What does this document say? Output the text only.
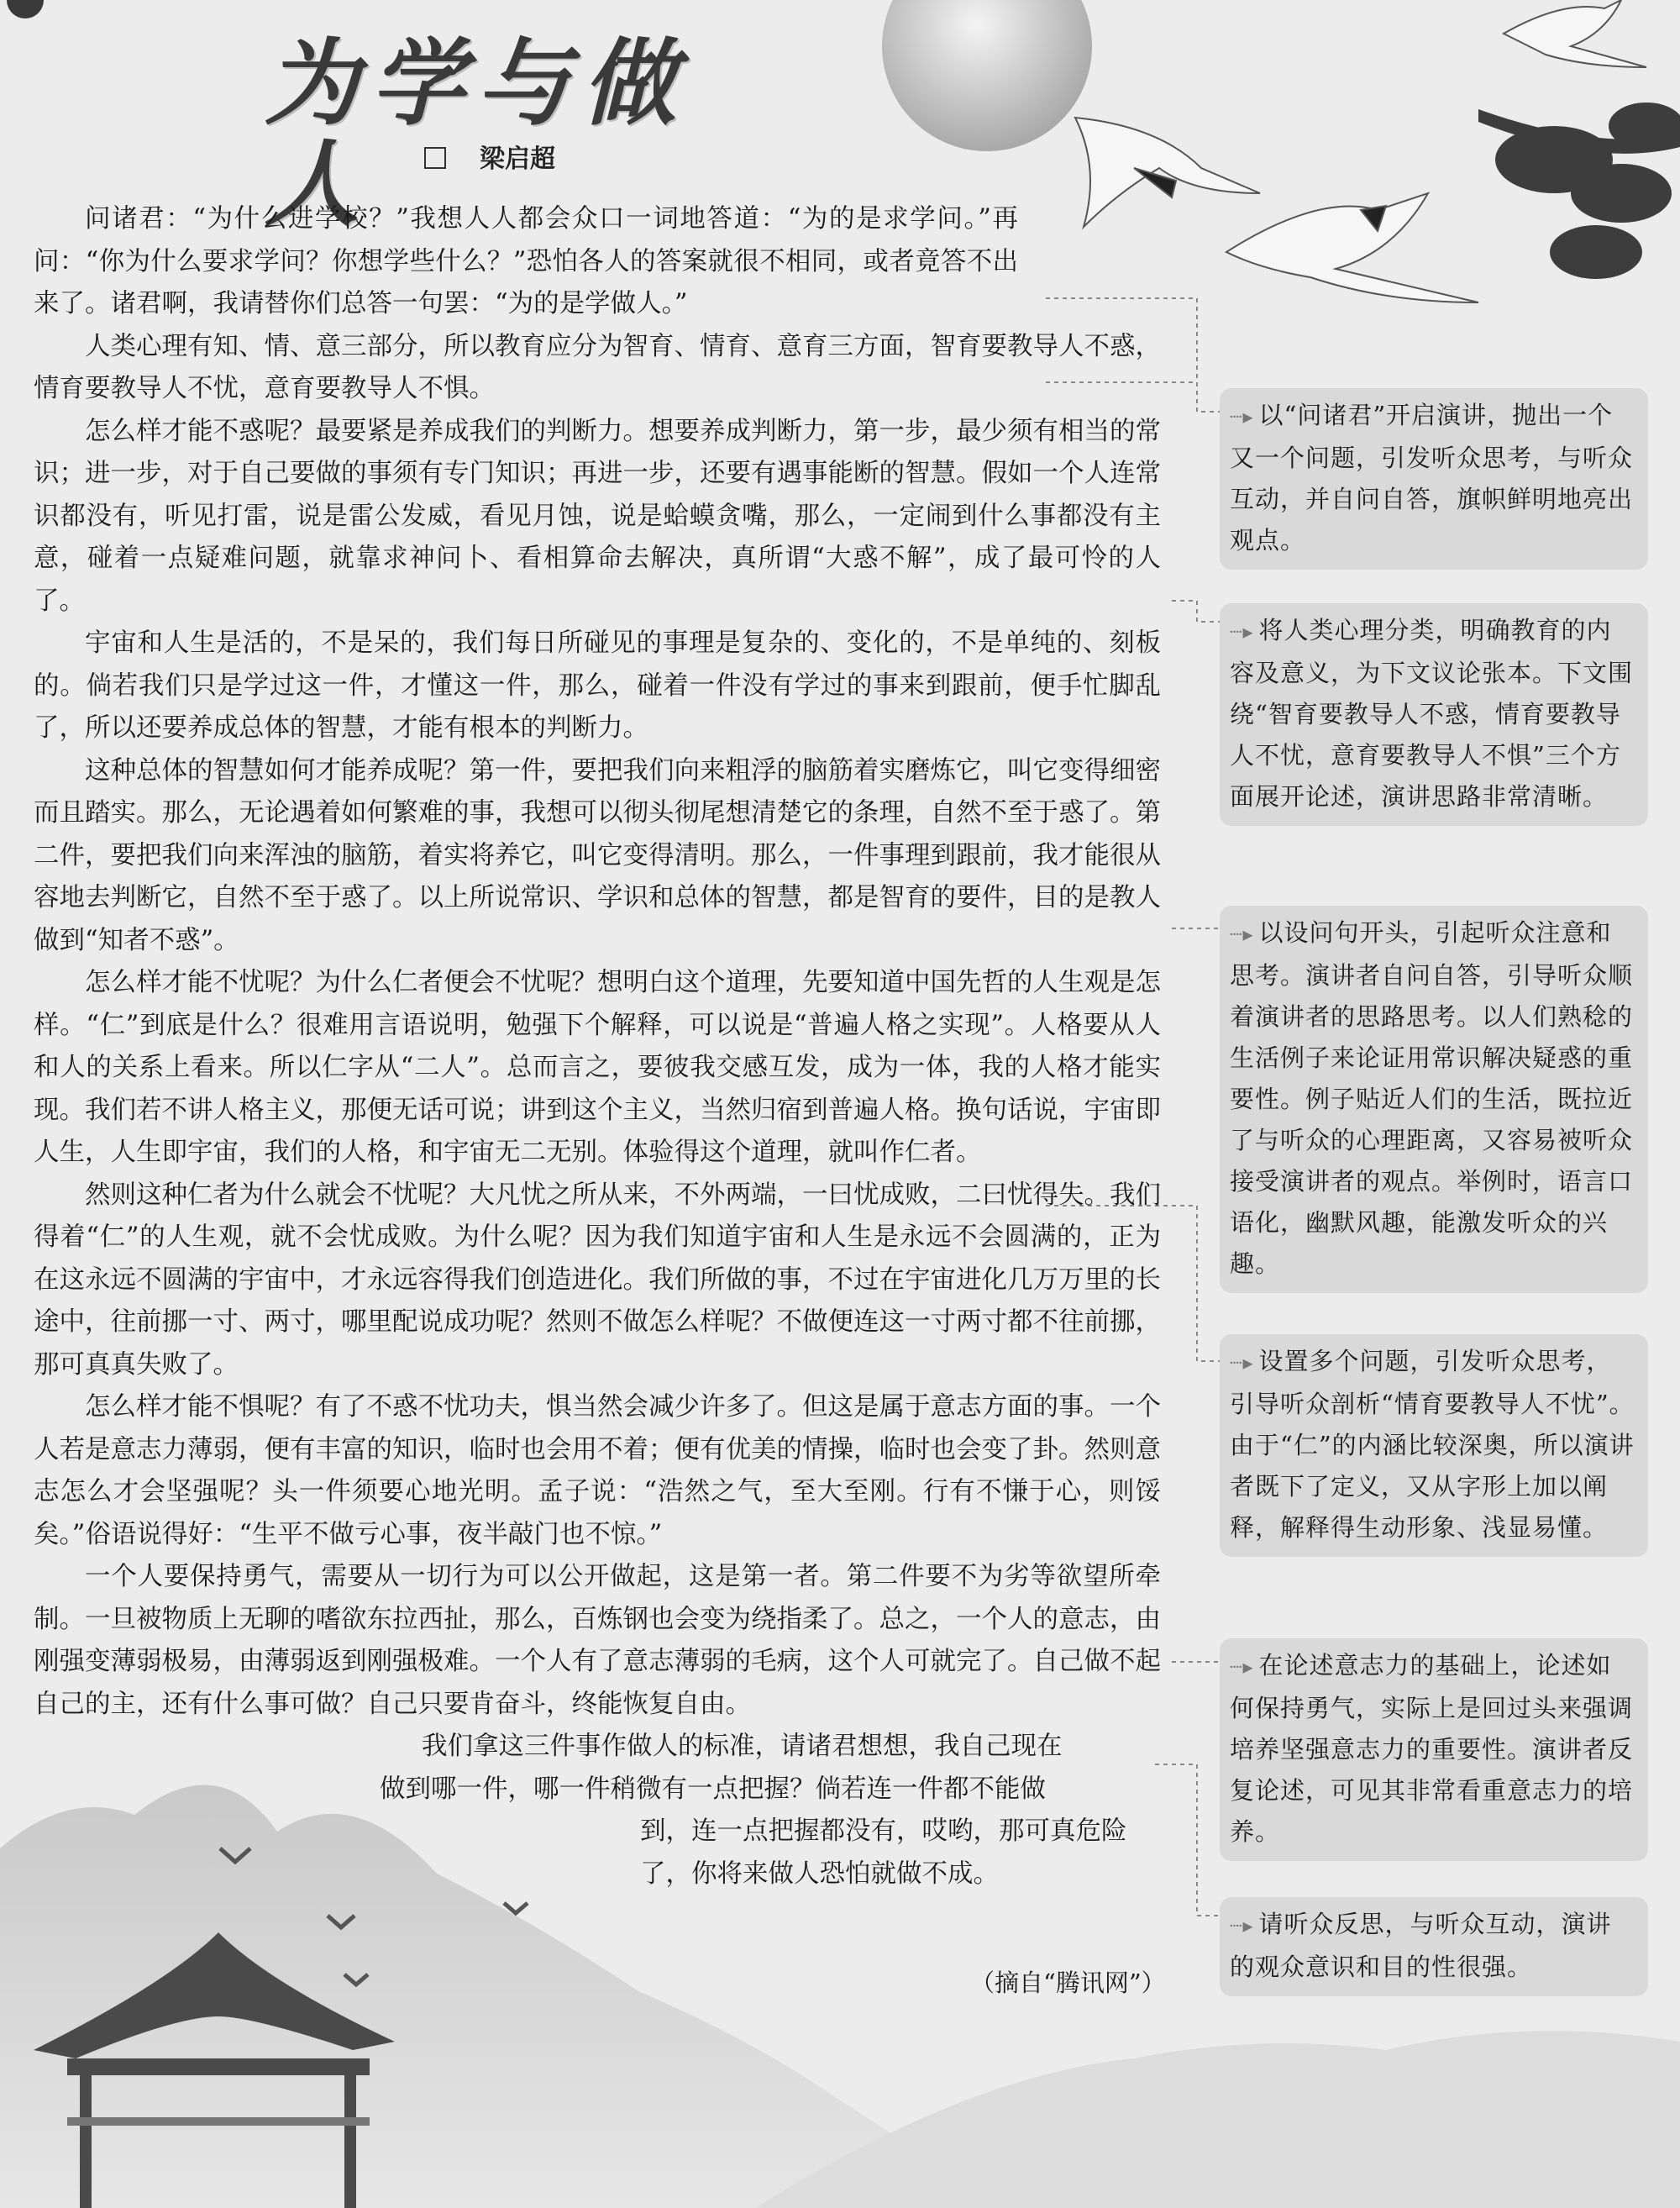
为学与做人	梁启超

问诸君：“为什么进学校？”我想人人都会众口一词地答道：“为的是求学问。”再问：“你为什么要求学问？你想学些什么？”恐怕各人的答案就很不相同，或者竟答不出来了。诸君啊，我请替你们总答一句罢：“为的是学做人。”

人类心理有知、情、意三部分，所以教育应分为智育、情育、意育三方面，智育要教导人不惑，情育要教导人不忧，意育要教导人不惧。

怎么样才能不惑呢？最要紧是养成我们的判断力。想要养成判断力，第一步，最少须有相当的常识；进一步，对于自己要做的事须有专门知识；再进一步，还要有遇事能断的智慧。假如一个人连常识都没有，听见打雷，说是雷公发威，看见月蚀，说是蛤蟆贪嘴，那么，一定闹到什么事都没有主意，碰着一点疑难问题，就靠求神问卜、看相算命去解决，真所谓“大惑不解”，成了最可怜的人了。

宇宙和人生是活的，不是呆的，我们每日所碰见的事理是复杂的、变化的，不是单纯的、刻板的。倘若我们只是学过这一件，才懂这一件，那么，碰着一件没有学过的事来到跟前，便手忙脚乱了，所以还要养成总体的智慧，才能有根本的判断力。

这种总体的智慧如何才能养成呢？第一件，要把我们向来粗浮的脑筋着实磨炼它，叫它变得细密而且踏实。那么，无论遇着如何繁难的事，我想可以彻头彻尾想清楚它的条理，自然不至于惑了。第二件，要把我们向来浑浊的脑筋，着实将养它，叫它变得清明。那么，一件事理到跟前，我才能很从容地去判断它，自然不至于惑了。以上所说常识、学识和总体的智慧，都是智育的要件，目的是教人做到“知者不惑”。

怎么样才能不忧呢？为什么仁者便会不忧呢？想明白这个道理，先要知道中国先哲的人生观是怎样。“仁”到底是什么？很难用言语说明，勉强下个解释，可以说是“普遍人格之实现”。人格要从人和人的关系上看来。所以仁字从“二人”。总而言之，要彼我交感互发，成为一体，我的人格才能实现。我们若不讲人格主义，那便无话可说；讲到这个主义，当然归宿到普遍人格。换句话说，宇宙即人生，人生即宇宙，我们的人格，和宇宙无二无别。体验得这个道理，就叫作仁者。

然则这种仁者为什么就会不忧呢？大凡忧之所从来，不外两端，一曰忧成败，二曰忧得失。我们得着“仁”的人生观，就不会忧成败。为什么呢？因为我们知道宇宙和人生是永远不会圆满的，正为在这永远不圆满的宇宙中，才永远容得我们创造进化。我们所做的事，不过在宇宙进化几万万里的长途中，往前挪一寸、两寸，哪里配说成功呢？然则不做怎么样呢？不做便连这一寸两寸都不往前挪，那可真真失败了。

怎么样才能不惧呢？有了不惑不忧功夫，惧当然会减少许多了。但这是属于意志方面的事。一个人若是意志力薄弱，便有丰富的知识，临时也会用不着；便有优美的情操，临时也会变了卦。然则意志怎么才会坚强呢？头一件须要心地光明。孟子说：“浩然之气，至大至刚。行有不慊于心，则馁矣。”俗语说得好：“生平不做亏心事，夜半敲门也不惊。”

一个人要保持勇气，需要从一切行为可以公开做起，这是第一者。第二件要不为劣等欲望所牵制。一旦被物质上无聊的嗜欲东拉西扯，那么，百炼钢也会变为绕指柔了。总之，一个人的意志，由刚强变薄弱极易，由薄弱返到刚强极难。一个人有了意志薄弱的毛病，这个人可就完了。自己做不起自己的主，还有什么事可做？自己只要肯奋斗，终能恢复自由。

我们拿这三件事作做人的标准，请诸君想想，我自己现在

做到哪一件，哪一件稍微有一点把握？倘若连一件都不能做

到，连一点把握都没有，哎哟，那可真危险

了，你将来做人恐怕就做不成。

（摘自“腾讯网”）
┈▸ 以“问诸君”开启演讲，抛出一个又一个问题，引发听众思考，与听众互动，并自问自答，旗帜鲜明地亮出观点。
┈▸ 将人类心理分类，明确教育的内容及意义，为下文议论张本。下文围绕“智育要教导人不惑，情育要教导人不忧，意育要教导人不惧”三个方面展开论述，演讲思路非常清晰。
┈▸ 以设问句开头，引起听众注意和思考。演讲者自问自答，引导听众顺着演讲者的思路思考。以人们熟稔的生活例子来论证用常识解决疑惑的重要性。例子贴近人们的生活，既拉近了与听众的心理距离，又容易被听众接受演讲者的观点。举例时，语言口语化，幽默风趣，能激发听众的兴趣。
┈▸ 设置多个问题，引发听众思考，引导听众剖析“情育要教导人不忧”。由于“仁”的内涵比较深奥，所以演讲者既下了定义，又从字形上加以阐释，解释得生动形象、浅显易懂。
┈▸ 在论述意志力的基础上，论述如何保持勇气，实际上是回过头来强调培养坚强意志力的重要性。演讲者反复论述，可见其非常看重意志力的培养。
┈▸ 请听众反思，与听众互动，演讲的观众意识和目的性很强。
